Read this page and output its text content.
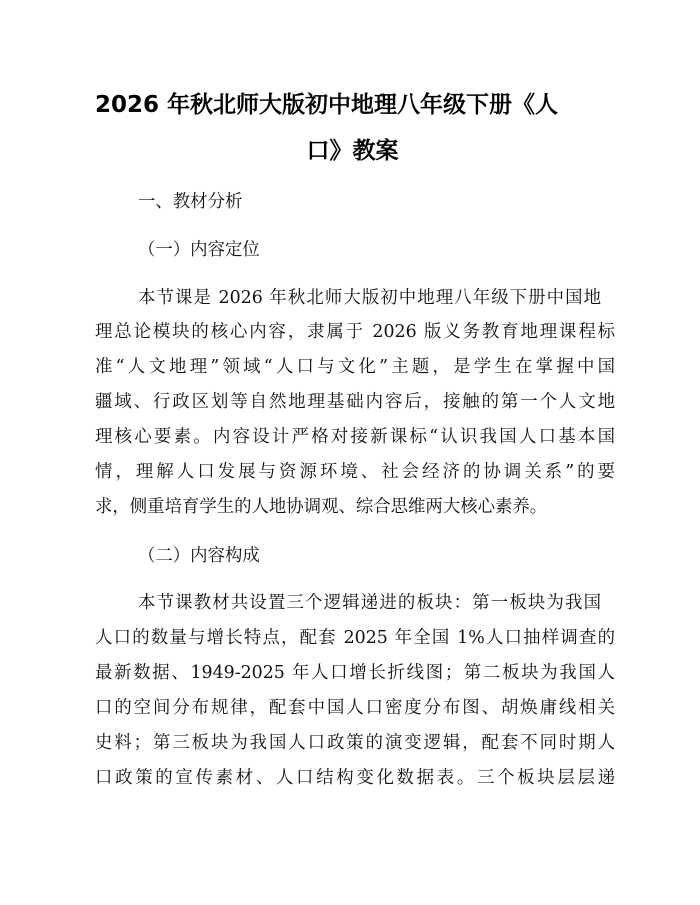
2026 年秋北师大版初中地理八年级下册《人
口》教案
一、教材分析
（一）内容定位
本节课是 2026 年秋北师大版初中地理八年级下册中国地
理总论模块的核心内容，隶属于 2026 版义务教育地理课程标
准“人文地理”领域“人口与文化”主题，是学生在掌握中国
疆域、行政区划等自然地理基础内容后，接触的第一个人文地
理核心要素。内容设计严格对接新课标“认识我国人口基本国
情，理解人口发展与资源环境、社会经济的协调关系”的要
求，侧重培育学生的人地协调观、综合思维两大核心素养。
（二）内容构成
本节课教材共设置三个逻辑递进的板块：第一板块为我国
人口的数量与增长特点，配套 2025 年全国 1%人口抽样调查的
最新数据、1949-2025 年人口增长折线图；第二板块为我国人
口的空间分布规律，配套中国人口密度分布图、胡焕庸线相关
史料；第三板块为我国人口政策的演变逻辑，配套不同时期人
口政策的宣传素材、人口结构变化数据表。三个板块层层递
